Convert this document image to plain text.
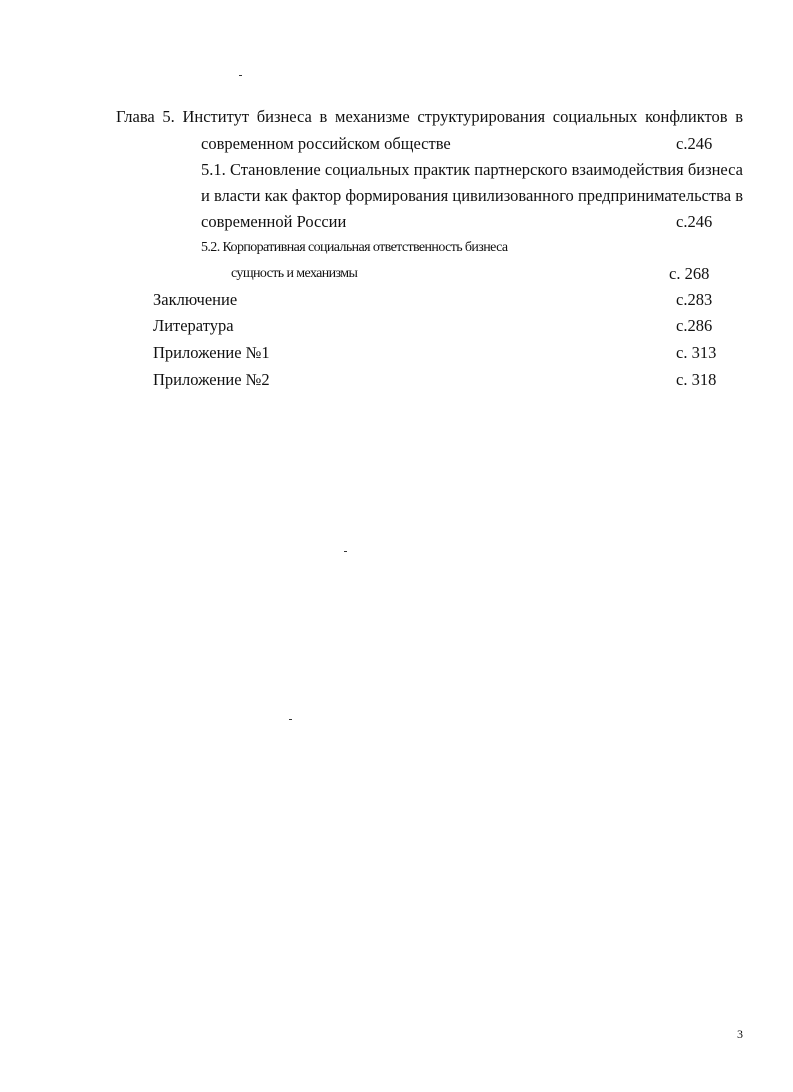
Глава 5. Институт бизнеса в механизме структурирования социальных конфликтов в
современном российском обществе	с.246
5.1. Становление социальных практик партнерского взаимодействия бизнеса
и власти как фактор формирования цивилизованного предпринимательства в
современной России	с.246
5.2. Корпоративная социальная ответственность бизнеса
сущность и механизмы	с. 268
Заключение	с.283
Литература	с.286
Приложение №1	с. 313
Приложение №2	с. 318
3
